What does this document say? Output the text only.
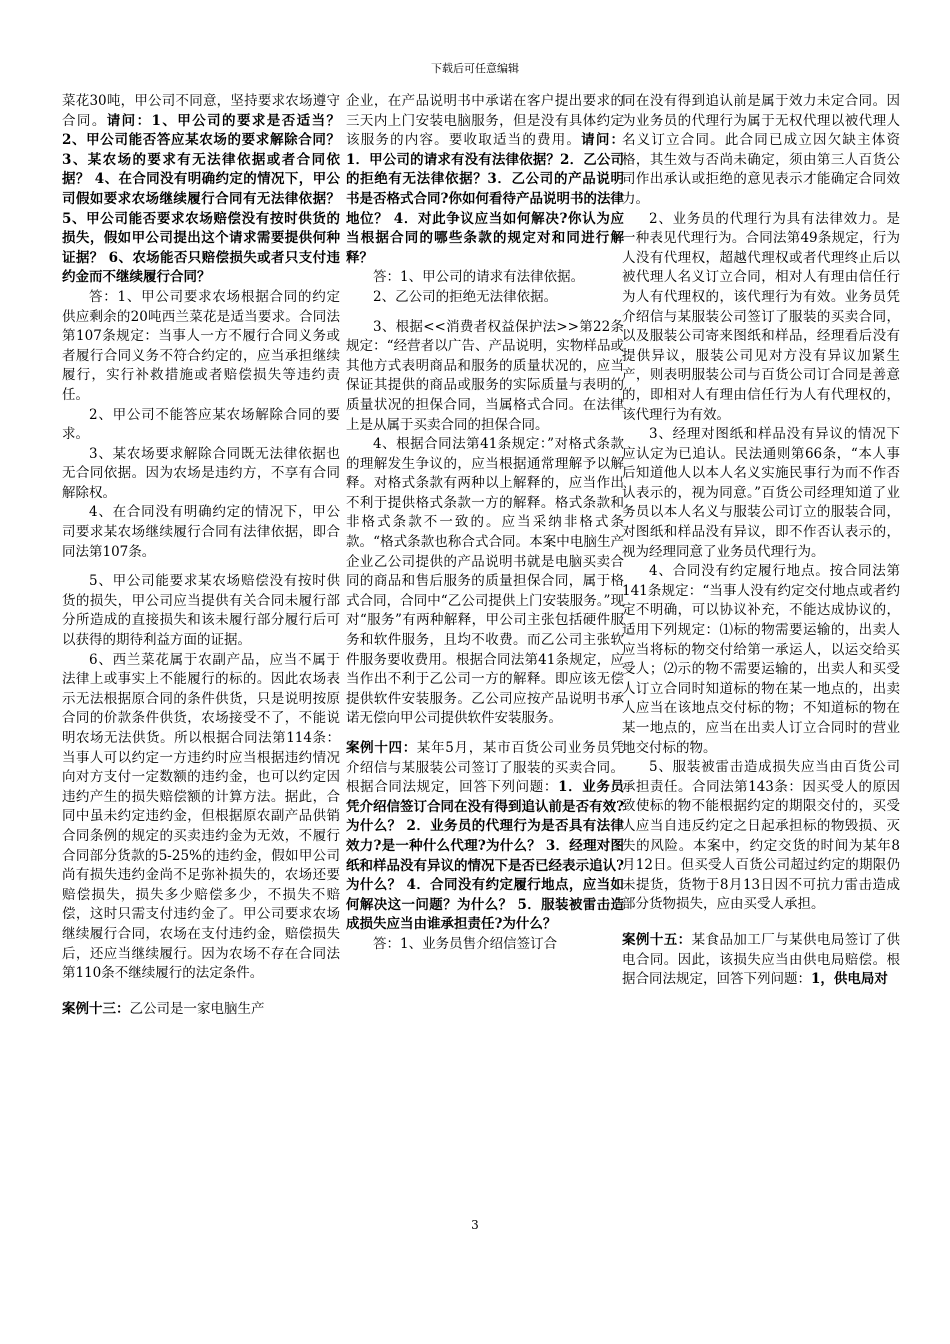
下载后可任意编辑

菜花30吨，甲公司不同意，坚持要求农场遵守合同。请问：1、甲公司的要求是否适当？ 2、甲公司能否答应某农场的要求解除合同？ 3、某农场的要求有无法律依据或者合同依据？ 4、在合同没有明确约定的情况下，甲公司假如要求农场继续履行合同有无法律依据？ 5、甲公司能否要求农场赔偿没有按时供货的损失，假如甲公司提出这个请求需要提供何种证据？ 6、农场能否只赔偿损失或者只支付违约金而不继续履行合同？

答：1、甲公司要求农场根据合同的约定供应剩余的20吨西兰菜花是适当要求。合同法第107条规定：当事人一方不履行合同义务或者履行合同义务不符合约定的，应当承担继续履行，实行补救措施或者赔偿损失等违约责任。

2、甲公司不能答应某农场解除合同的要求。

3、某农场要求解除合同既无法律依据也无合同依据。因为农场是违约方，不享有合同解除权。

4、在合同没有明确约定的情况下，甲公司要求某农场继续履行合同有法律依据，即合同法第107条。

5、甲公司能要求某农场赔偿没有按时供货的损失，甲公司应当提供有关合同未履行部分所造成的直接损失和该未履行部分履行后可以获得的期待利益方面的证据。

6、西兰菜花属于农副产品，应当不属于法律上或事实上不能履行的标的。因此农场表示无法根据原合同的条件供货，只是说明按原合同的价款条件供货，农场接受不了，不能说明农场无法供货。所以根据合同法第114条：当事人可以约定一方违约时应当根据违约情况向对方支付一定数额的违约金，也可以约定因违约产生的损失赔偿额的计算方法。据此，合同中虽未约定违约金，但根据原农副产品供销合同条例的规定的买卖违约金为无效，不履行合同部分货款的5-25%的违约金，假如甲公司尚有损失违约金尚不足弥补损失的，农场还要赔偿损失，损失多少赔偿多少，不损失不赔偿，这时只需支付违约金了。甲公司要求农场继续履行合同，农场在支付违约金，赔偿损失后，还应当继续履行。因为农场不存在合同法第110条不继续履行的法定条件。

案例十三：乙公司是一家电脑生产

企业，在产品说明书中承诺在客户提出要求的三天内上门安装电脑服务，但是没有具体约定该服务的内容。要收取适当的费用。请问：1．甲公司的请求有没有法律依据？2．乙公司的拒绝有无法律依据？3．乙公司的产品说明书是否格式合同?你如何看待产品说明书的法律地位？ 4．对此争议应当如何解决?你认为应当根据合同的哪些条款的规定对和同进行解释？

答：1、甲公司的请求有法律依据。

2、乙公司的拒绝无法律依据。

3、根据<<消费者权益保护法>>第22条规定：“经营者以广告、产品说明，实物样品或其他方式表明商品和服务的质量状况的，应当保证其提供的商品或服务的实际质量与表明的质量状况的担保合同，当属格式合同。在法律上是从属于买卖合同的担保合同。

4、根据合同法第41条规定：”对格式条款的理解发生争议的，应当根据通常理解予以解释。对格式条款有两种以上解释的，应当作出不利于提供格式条款一方的解释。格式条款和非格式条款不一致的。应当采纳非格式条款。“格式条款也称合式合同。本案中电脑生产企业乙公司提供的产品说明书就是电脑买卖合同的商品和售后服务的质量担保合同，属于格式合同，合同中“乙公司提供上门安装服务。”现对“服务”有两种解释，甲公司主张包括硬件服务和软件服务，且均不收费。而乙公司主张软件服务要收费用。根据合同法第41条规定，应当作出不利于乙公司一方的解释。即应该无偿提供软件安装服务。乙公司应按产品说明书承诺无偿向甲公司提供软件安装服务。

案例十四：某年5月，某市百货公司业务员凭介绍信与某服装公司签订了服装的买卖合同。根据合同法规定，回答下列问题：1．业务员凭介绍信签订合同在没有得到追认前是否有效?为什么？ 2．业务员的代理行为是否具有法律效力?是一种什么代理?为什么？ 3．经理对图纸和样品没有异议的情况下是否已经表示追认?为什么？ 4．合同没有约定履行地点，应当如何解决这一问题？为什么？ 5．服装被雷击造成损失应当由谁承担责任?为什么？

答：1、业务员售介绍信签订合

同在没有得到追认前是属于效力未定合同。因为业务员的代理行为属于无权代理以被代理人名义订立合同。此合同已成立因欠缺主体资格，其生效与否尚未确定，须由第三人百货公司作出承认或拒绝的意见表示才能确定合同效力。

2、业务员的代理行为具有法律效力。是一种表见代理行为。合同法第49条规定，行为人没有代理权，超越代理权或者代理终止后以被代理人名义订立合同，相对人有理由信任行为人有代理权的，该代理行为有效。业务员凭介绍信与某服装公司签订了服装的买卖合同，以及服装公司寄来图纸和样品，经理看后没有提供异议，服装公司见对方没有异议加紧生产，则表明服装公司与百货公司订合同是善意的，即相对人有理由信任行为人有代理权的，该代理行为有效。

3、经理对图纸和样品没有异议的情况下应认定为已追认。民法通则第66条，“本人事后知道他人以本人名义实施民事行为而不作否认表示的，视为同意。”百货公司经理知道了业务员以本人名义与服装公司订立的服装合同，对图纸和样品没有异议，即不作否认表示的，视为经理同意了业务员代理行为。

4、合同没有约定履行地点。按合同法第141条规定：“当事人没有约定交付地点或者约定不明确，可以协议补充，不能达成协议的，适用下列规定：⑴标的物需要运输的，出卖人应当将标的物交付给第一承运人，以运交给买受人；⑵示的物不需要运输的，出卖人和买受人订立合同时知道标的物在某一地点的，出卖人应当在该地点交付标的物；不知道标的物在某一地点的，应当在出卖人订立合同时的营业地交付标的物。

5、服装被雷击造成损失应当由百货公司承担责任。合同法第143条：因买受人的原因致使标的物不能根据约定的期限交付的，买受人应当自违反约定之日起承担标的物毁损、灭失的风险。本案中，约定交货的时间为某年8月12日。但买受人百货公司超过约定的期限仍未提货，货物于8月13日因不可抗力雷击造成部分货物损失，应由买受人承担。

案例十五：某食品加工厂与某供电局签订了供电合同。因此，该损失应当由供电局赔偿。根据合同法规定，回答下列问题：1，供电局对

3
